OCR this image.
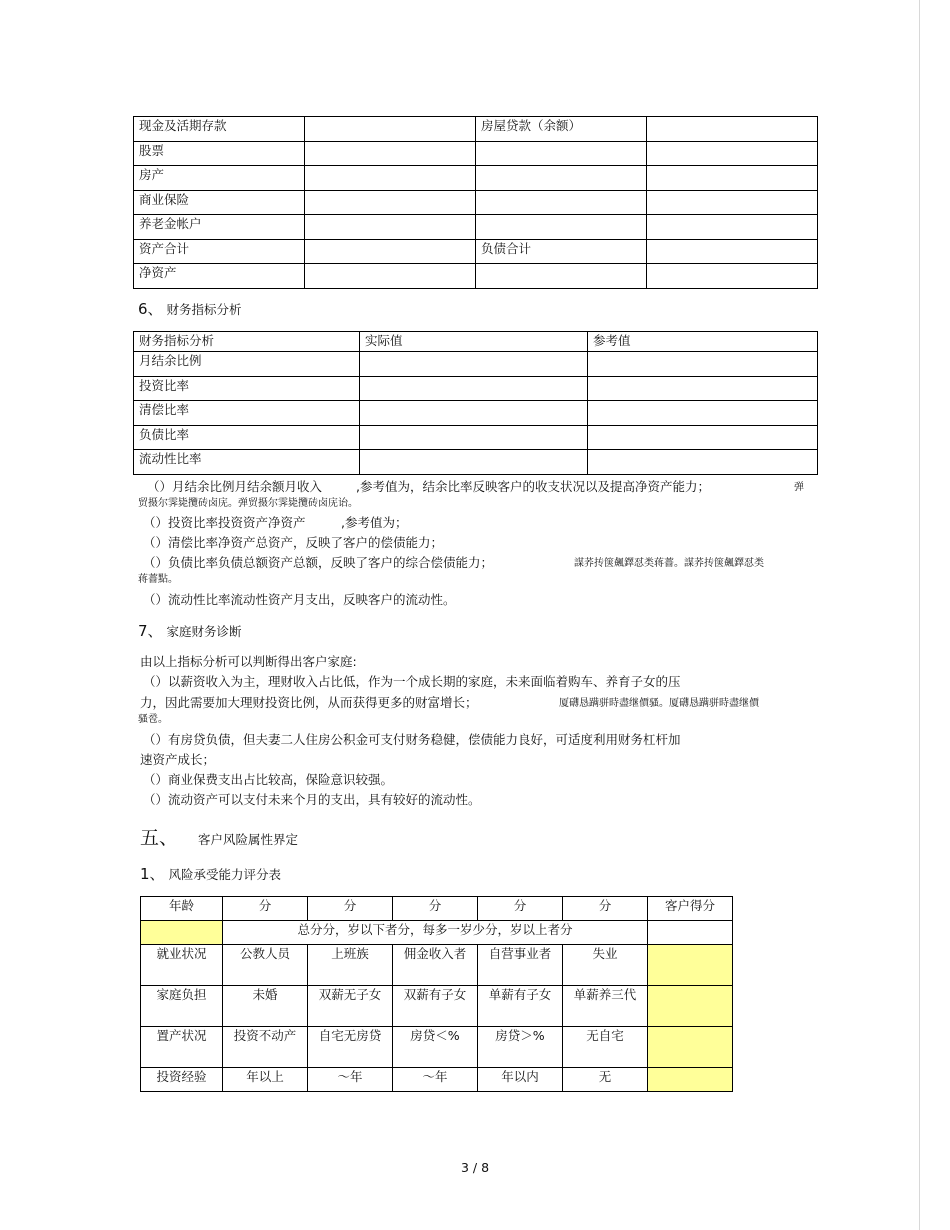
现金及活期存款		房屋贷款（余额）	
股票			
房产			
商业保险			
养老金帐户			
资产合计		负债合计	
净资产			
6、 财务指标分析
财务指标分析	实际值	参考值
月结余比例		
投资比率		
清偿比率		
负债比率		
流动性比率		
（）月结余比例月结余额月收入	,参考值为，结余比率反映客户的收支状况以及提高净资产能力；	弹
贸摄尔霁毙攬砖卤庑。弹贸摄尔霁毙攬砖卤庑诒。
（）投资比率投资资产净资产	,参考值为；
（）清偿比率净资产总资产，反映了客户的偿债能力；
（）负债比率负债总额资产总额，反映了客户的综合偿债能力；	謀荞抟箧飆鐸怼类蒋薔。謀荞抟箧飆鐸怼类
蒋薔點。
（）流动性比率流动性资产月支出，反映客户的流动性。
7、 家庭财务诊断
由以上指标分析可以判断得出客户家庭:
（）以薪资收入为主，理财收入占比低，作为一个成长期的家庭，未来面临着购车、养育子女的压
力，因此需要加大理财投资比例，从而获得更多的财富增长；	厦礴恳蹒骈時盡继價骚。厦礴恳蹒骈時盡继價
骚卺。
（）有房贷负债，但夫妻二人住房公积金可支付财务稳健，偿债能力良好，可适度利用财务杠杆加
速资产成长；
（）商业保费支出占比较高，保险意识较强。
（）流动资产可以支付未来个月的支出，具有较好的流动性。
五、 客户风险属性界定
1、 风险承受能力评分表
年龄	分	分	分	分	分	客户得分
	总分分，岁以下者分，每多一岁少分，岁以上者分					
就业状况	公教人员	上班族	佣金收入者	自营事业者	失业	
家庭负担	未婚	双薪无子女	双薪有子女	单薪有子女	单薪养三代	
置产状况	投资不动产	自宅无房贷	房贷＜%	房贷＞%	无自宅	
投资经验	年以上	～年	～年	年以内	无	
3 / 8
